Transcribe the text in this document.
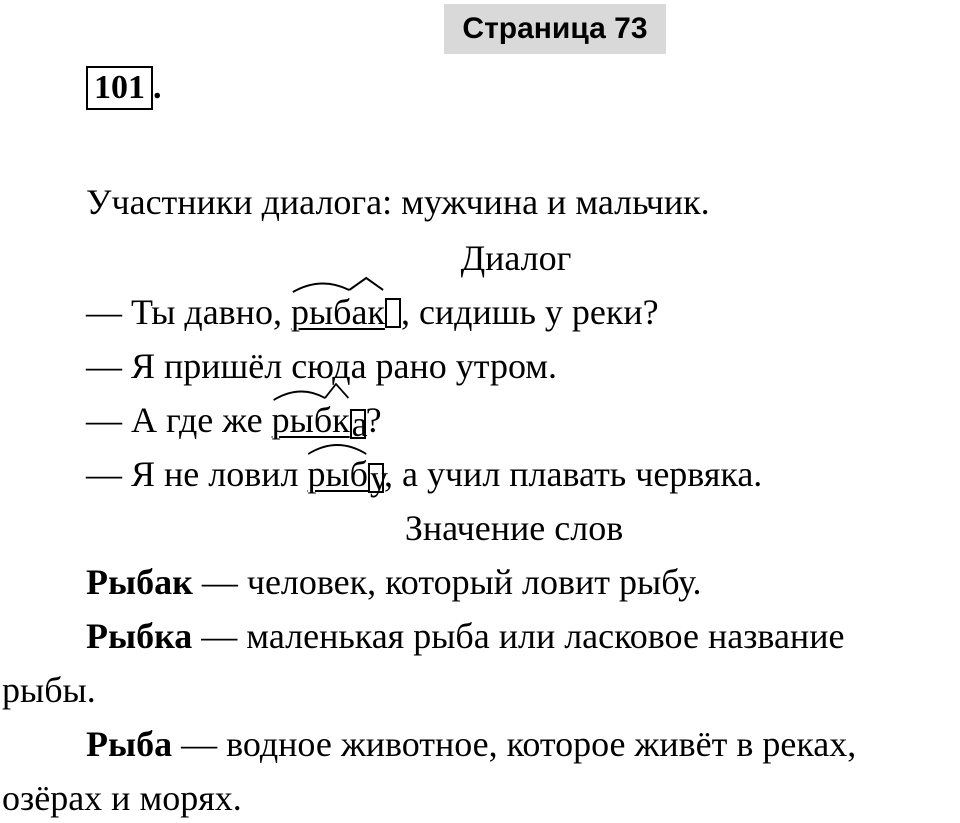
Страница 73
101 .
Участники диалога: мужчина и мальчик.
Диалог
— Ты давно,
рыбак , сидишь у реки?
— Я пришёл сюда рано утром.
— А где же
рыбка?
— Я не ловил
рыбу, а учил плавать червяка.
Значение слов
Рыбак — человек, который ловит рыбу.
Рыбка — маленькая рыба или ласковое название
рыбы.
Рыба — водное животное, которое живёт в реках,
озёрах и морях.
